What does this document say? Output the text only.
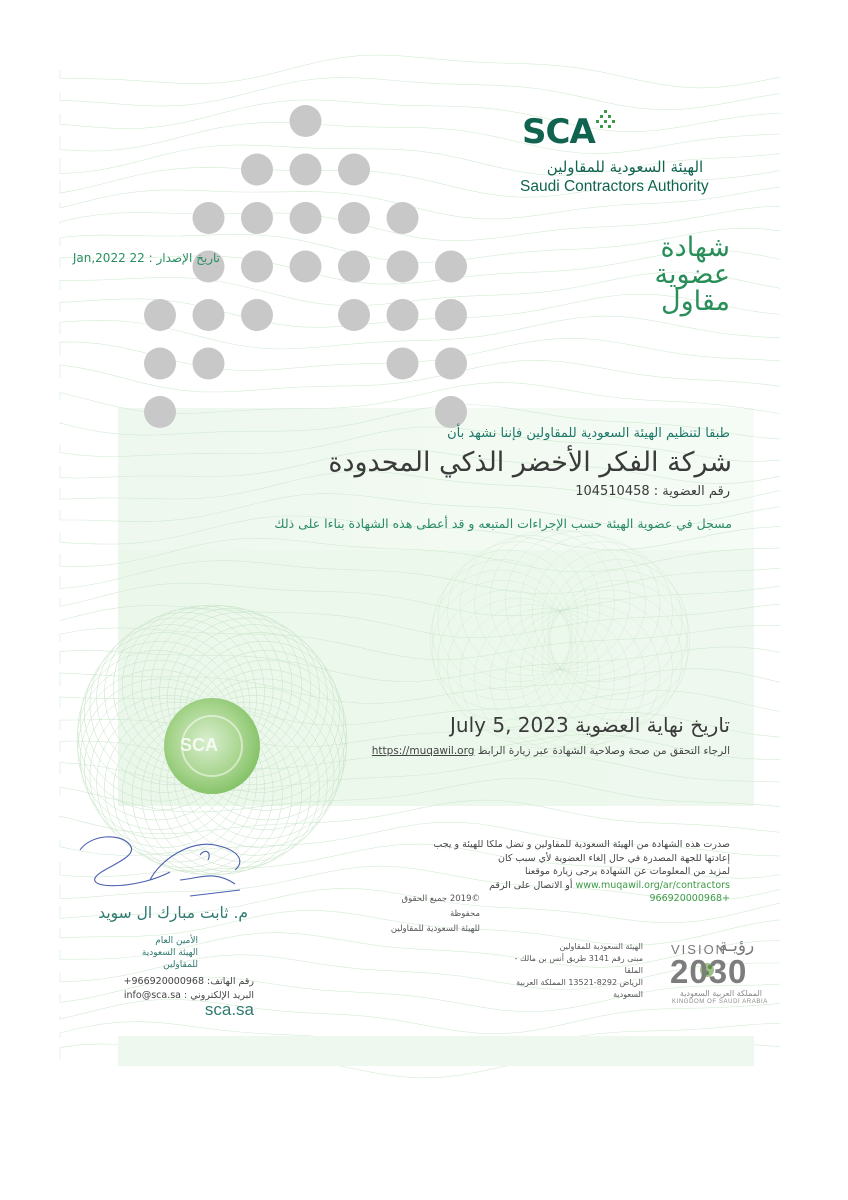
SCA
الهيئة السعودية للمقاولين
Saudi Contractors Authority
تاريخ الإصدار : 22 Jan,2022	شهادة
عضوية
مقاول
طبقا لتنظيم الهيئة السعودية للمقاولين فإننا نشهد بأن
شركة الفكر الأخضر الذكي المحدودة
رقم العضوية : 104510458
مسجل في عضوية الهيئة حسب الإجراءات المتبعه و قد أعطى هذه الشهادة بناءا على ذلك
تاريخ نهاية العضوية July 5, 2023
الرجاء التحقق من صحة وصلاحية الشهادة عبر زيارة الرابط https://muqawil.org
SCA
صدرت هذه الشهادة من الهيئة السعودية للمقاولين و تضل ملكا للهيئة و يجب
إعادتها للجهة المصدرة في حال إلغاء العضوية لأي سبب كان
لمزيد من المعلومات عن الشهادة يرجى زيارة موقعنا
www.muqawil.org/ar/contractors أو الاتصال على الرقم +966920000968
©2019 جميع الحقوق محفوظة
للهيئة السعودية للمقاولين
م. ثابت مبارك ال سويد
الأمين العام
الهيئة السعودية للمقاولين
رقم الهاتف: 966920000968+
البريد الإلكتروني : info@sca.sa
sca.sa
الهيئة السعودية للمقاولين
مبنى رقم 3141 طريق أنس بن مالك -
الملقا
الرياض 8292-13521 المملكة العربية
السعودية
VISION
رؤيـة
2030
المملكة العربية السعودية
KINGDOM OF SAUDI ARABIA
